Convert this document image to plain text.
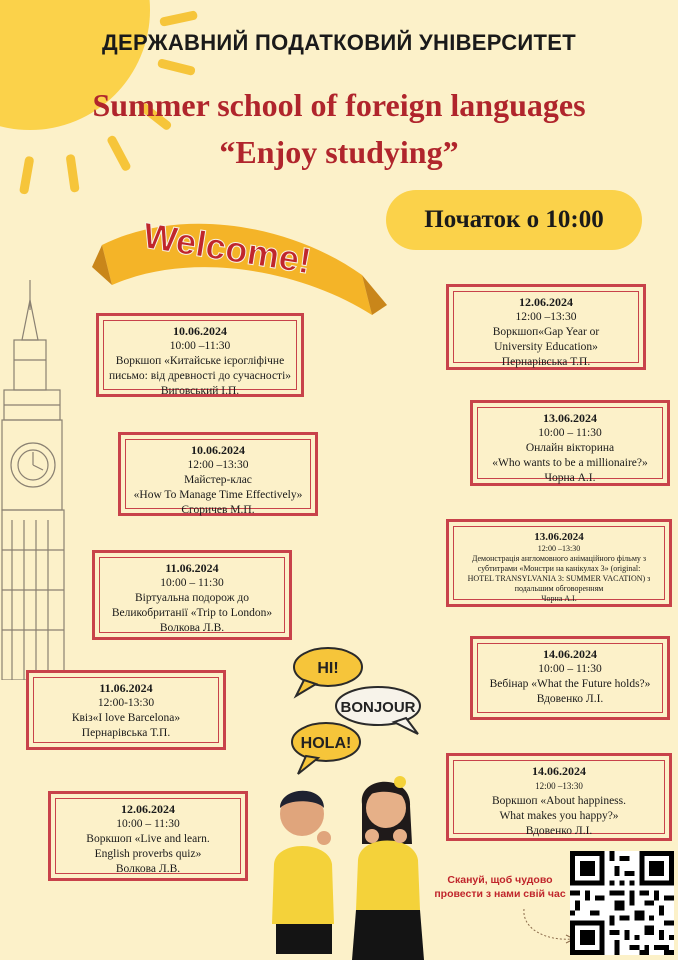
ДЕРЖАВНИЙ ПОДАТКОВИЙ УНІВЕРСИТЕТ
Summer school of foreign languages
“Enjoy studying”
Початок о 10:00
Welcome!
10.06.2024
10:00 –11:30
Воркшоп «Китайське ієрогліфічне
письмо: від древності до сучасності»
Виговський І.П.
10.06.2024
12:00 –13:30
Майстер-клас
«How To Manage Time Effectively»
Єгоричев М.П.
11.06.2024
10:00 – 11:30
Віртуальна подорож до
Великобританії «Trip to London»
Волкова Л.В.
11.06.2024
12:00-13:30
Квіз«I love Barcelona»
Пернарівська Т.П.
12.06.2024
10:00 – 11:30
Воркшоп «Live and learn.
English proverbs quiz»
Волкова Л.В.
12.06.2024
12:00 –13:30
Воркшоп«Gap Year or
University Education»
Пернарівська Т.П.
13.06.2024
10:00 – 11:30
Онлайн вікторина
«Who wants to be a millionaire?»
Чорна А.І.
13.06.2024
12:00 –13:30
Демонстрація англомовного анімаційного фільму з
субтитрами «Монстри на канікулах 3» (original:
HOTEL TRANSYLVANIA 3: SUMMER VACATION) з
подальшим обговоренням
Чорна А.І.
14.06.2024
10:00 – 11:30
Вебінар «What the Future holds?»
Вдовенко Л.І.
14.06.2024
12:00 –13:30
Воркшоп «About happiness.
What makes you happy?»
Вдовенко Л.І.
HI!
BONJOUR
HOLA!
Скануй, щоб чудово
провести з нами свій час
